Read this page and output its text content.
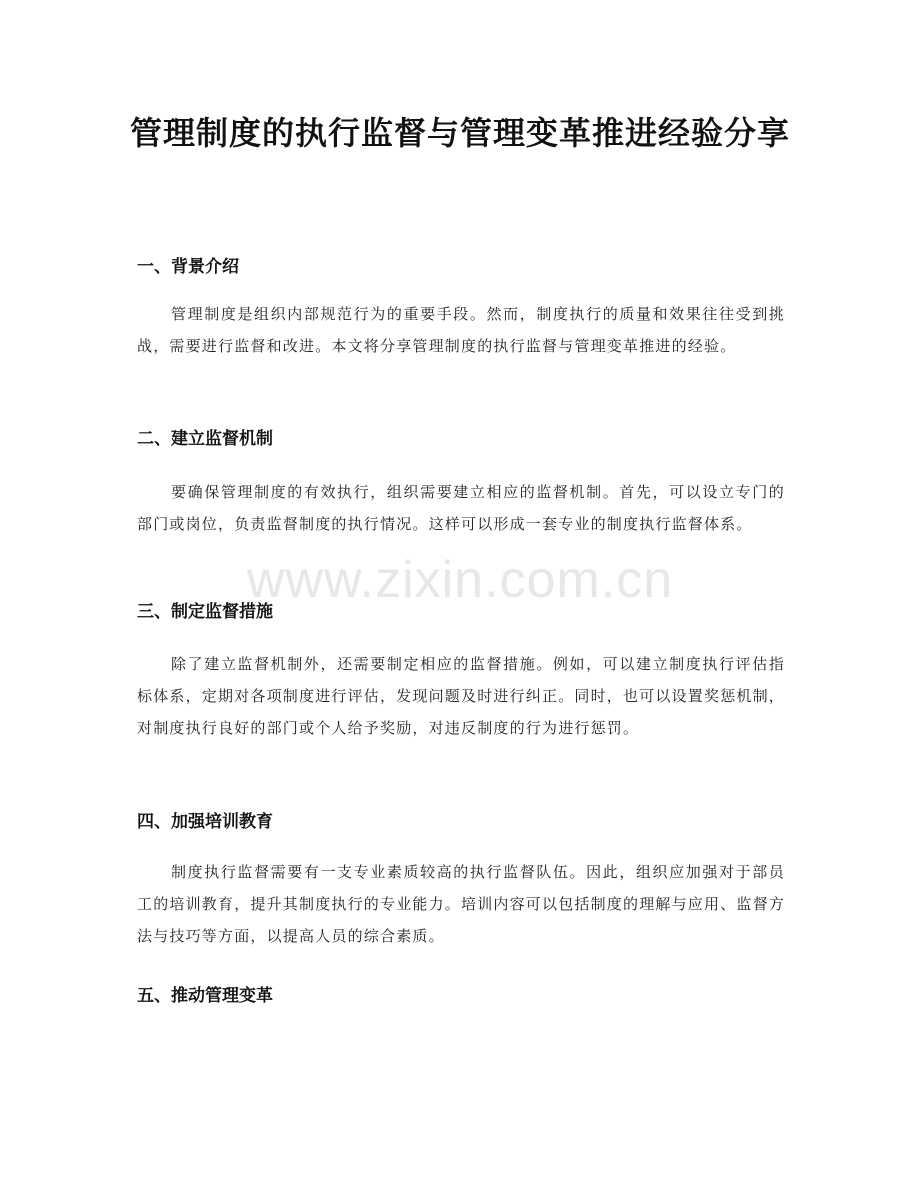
管理制度的执行监督与管理变革推进经验分享
一、背景介绍

管理制度是组织内部规范行为的重要手段。然而，制度执行的质量和效果往往受到挑战，需要进行监督和改进。本文将分享管理制度的执行监督与管理变革推进的经验。

二、建立监督机制

要确保管理制度的有效执行，组织需要建立相应的监督机制。首先，可以设立专门的部门或岗位，负责监督制度的执行情况。这样可以形成一套专业的制度执行监督体系。

www.zixin.com.cn
三、制定监督措施

除了建立监督机制外，还需要制定相应的监督措施。例如，可以建立制度执行评估指标体系，定期对各项制度进行评估，发现问题及时进行纠正。同时，也可以设置奖惩机制，对制度执行良好的部门或个人给予奖励，对违反制度的行为进行惩罚。

四、加强培训教育

制度执行监督需要有一支专业素质较高的执行监督队伍。因此，组织应加强对于部员工的培训教育，提升其制度执行的专业能力。培训内容可以包括制度的理解与应用、监督方法与技巧等方面，以提高人员的综合素质。

五、推动管理变革
